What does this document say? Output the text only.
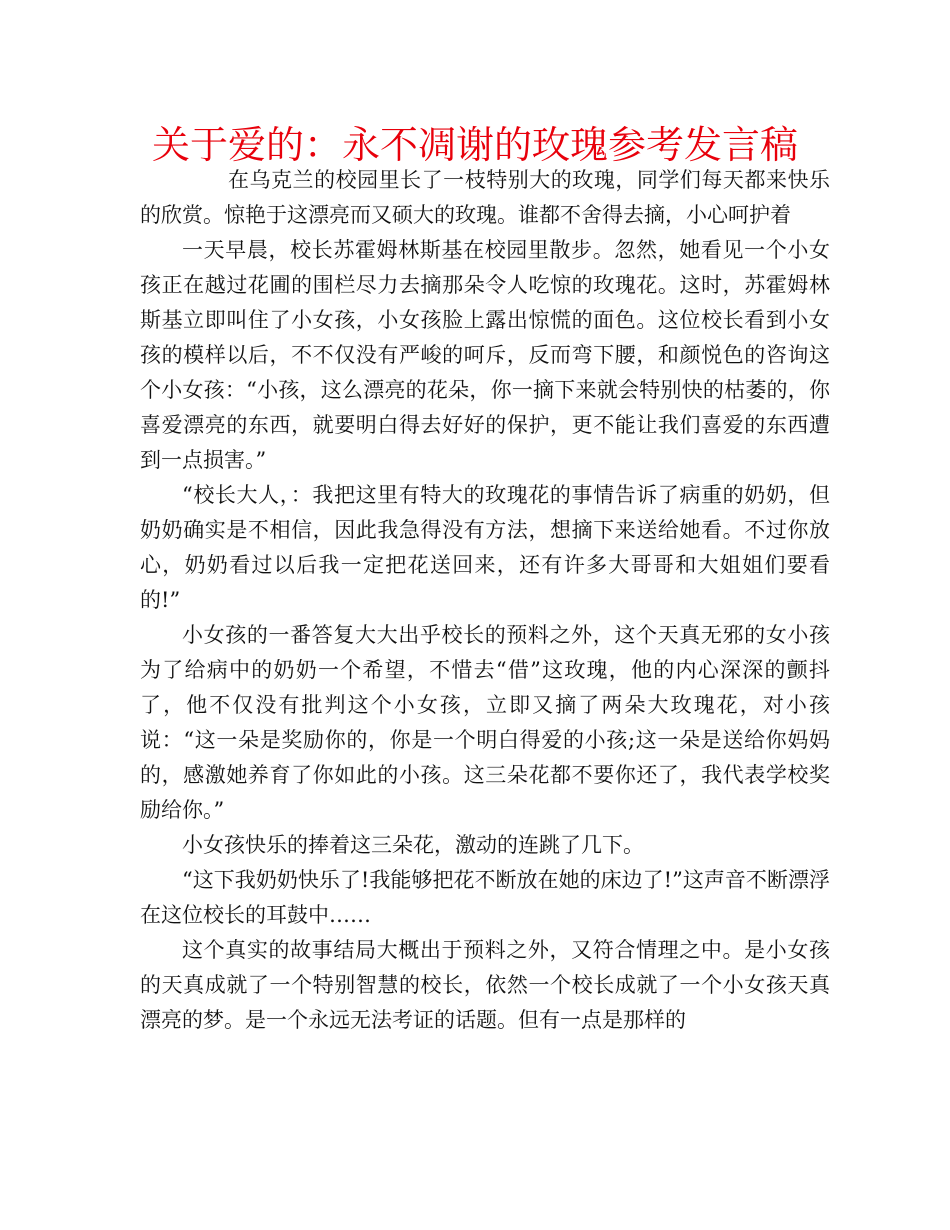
关于爱的：永不凋谢的玫瑰参考发言稿

在乌克兰的校园里长了一枝特别大的玫瑰，同学们每天都来快乐的欣赏。惊艳于这漂亮而又硕大的玫瑰。谁都不舍得去摘，小心呵护着

一天早晨，校长苏霍姆林斯基在校园里散步。忽然，她看见一个小女孩正在越过花圃的围栏尽力去摘那朵令人吃惊的玫瑰花。这时，苏霍姆林斯基立即叫住了小女孩，小女孩脸上露出惊慌的面色。这位校长看到小女孩的模样以后，不不仅没有严峻的呵斥，反而弯下腰，和颜悦色的咨询这个小女孩：“小孩，这么漂亮的花朵，你一摘下来就会特别快的枯萎的，你喜爱漂亮的东西，就要明白得去好好的保护，更不能让我们喜爱的东西遭到一点损害。”

“校长大人，：我把这里有特大的玫瑰花的事情告诉了病重的奶奶，但奶奶确实是不相信，因此我急得没有方法，想摘下来送给她看。不过你放心，奶奶看过以后我一定把花送回来，还有许多大哥哥和大姐姐们要看的!”

小女孩的一番答复大大出乎校长的预料之外，这个天真无邪的女小孩为了给病中的奶奶一个希望，不惜去“借”这玫瑰，他的内心深深的颤抖了，他不仅没有批判这个小女孩，立即又摘了两朵大玫瑰花，对小孩说：“这一朵是奖励你的，你是一个明白得爱的小孩;这一朵是送给你妈妈的，感激她养育了你如此的小孩。这三朵花都不要你还了，我代表学校奖励给你。”

小女孩快乐的捧着这三朵花，激动的连跳了几下。

“这下我奶奶快乐了!我能够把花不断放在她的床边了!”这声音不断漂浮在这位校长的耳鼓中……

这个真实的故事结局大概出于预料之外，又符合情理之中。是小女孩的天真成就了一个特别智慧的校长，依然一个校长成就了一个小女孩天真漂亮的梦。是一个永远无法考证的话题。但有一点是那样的
